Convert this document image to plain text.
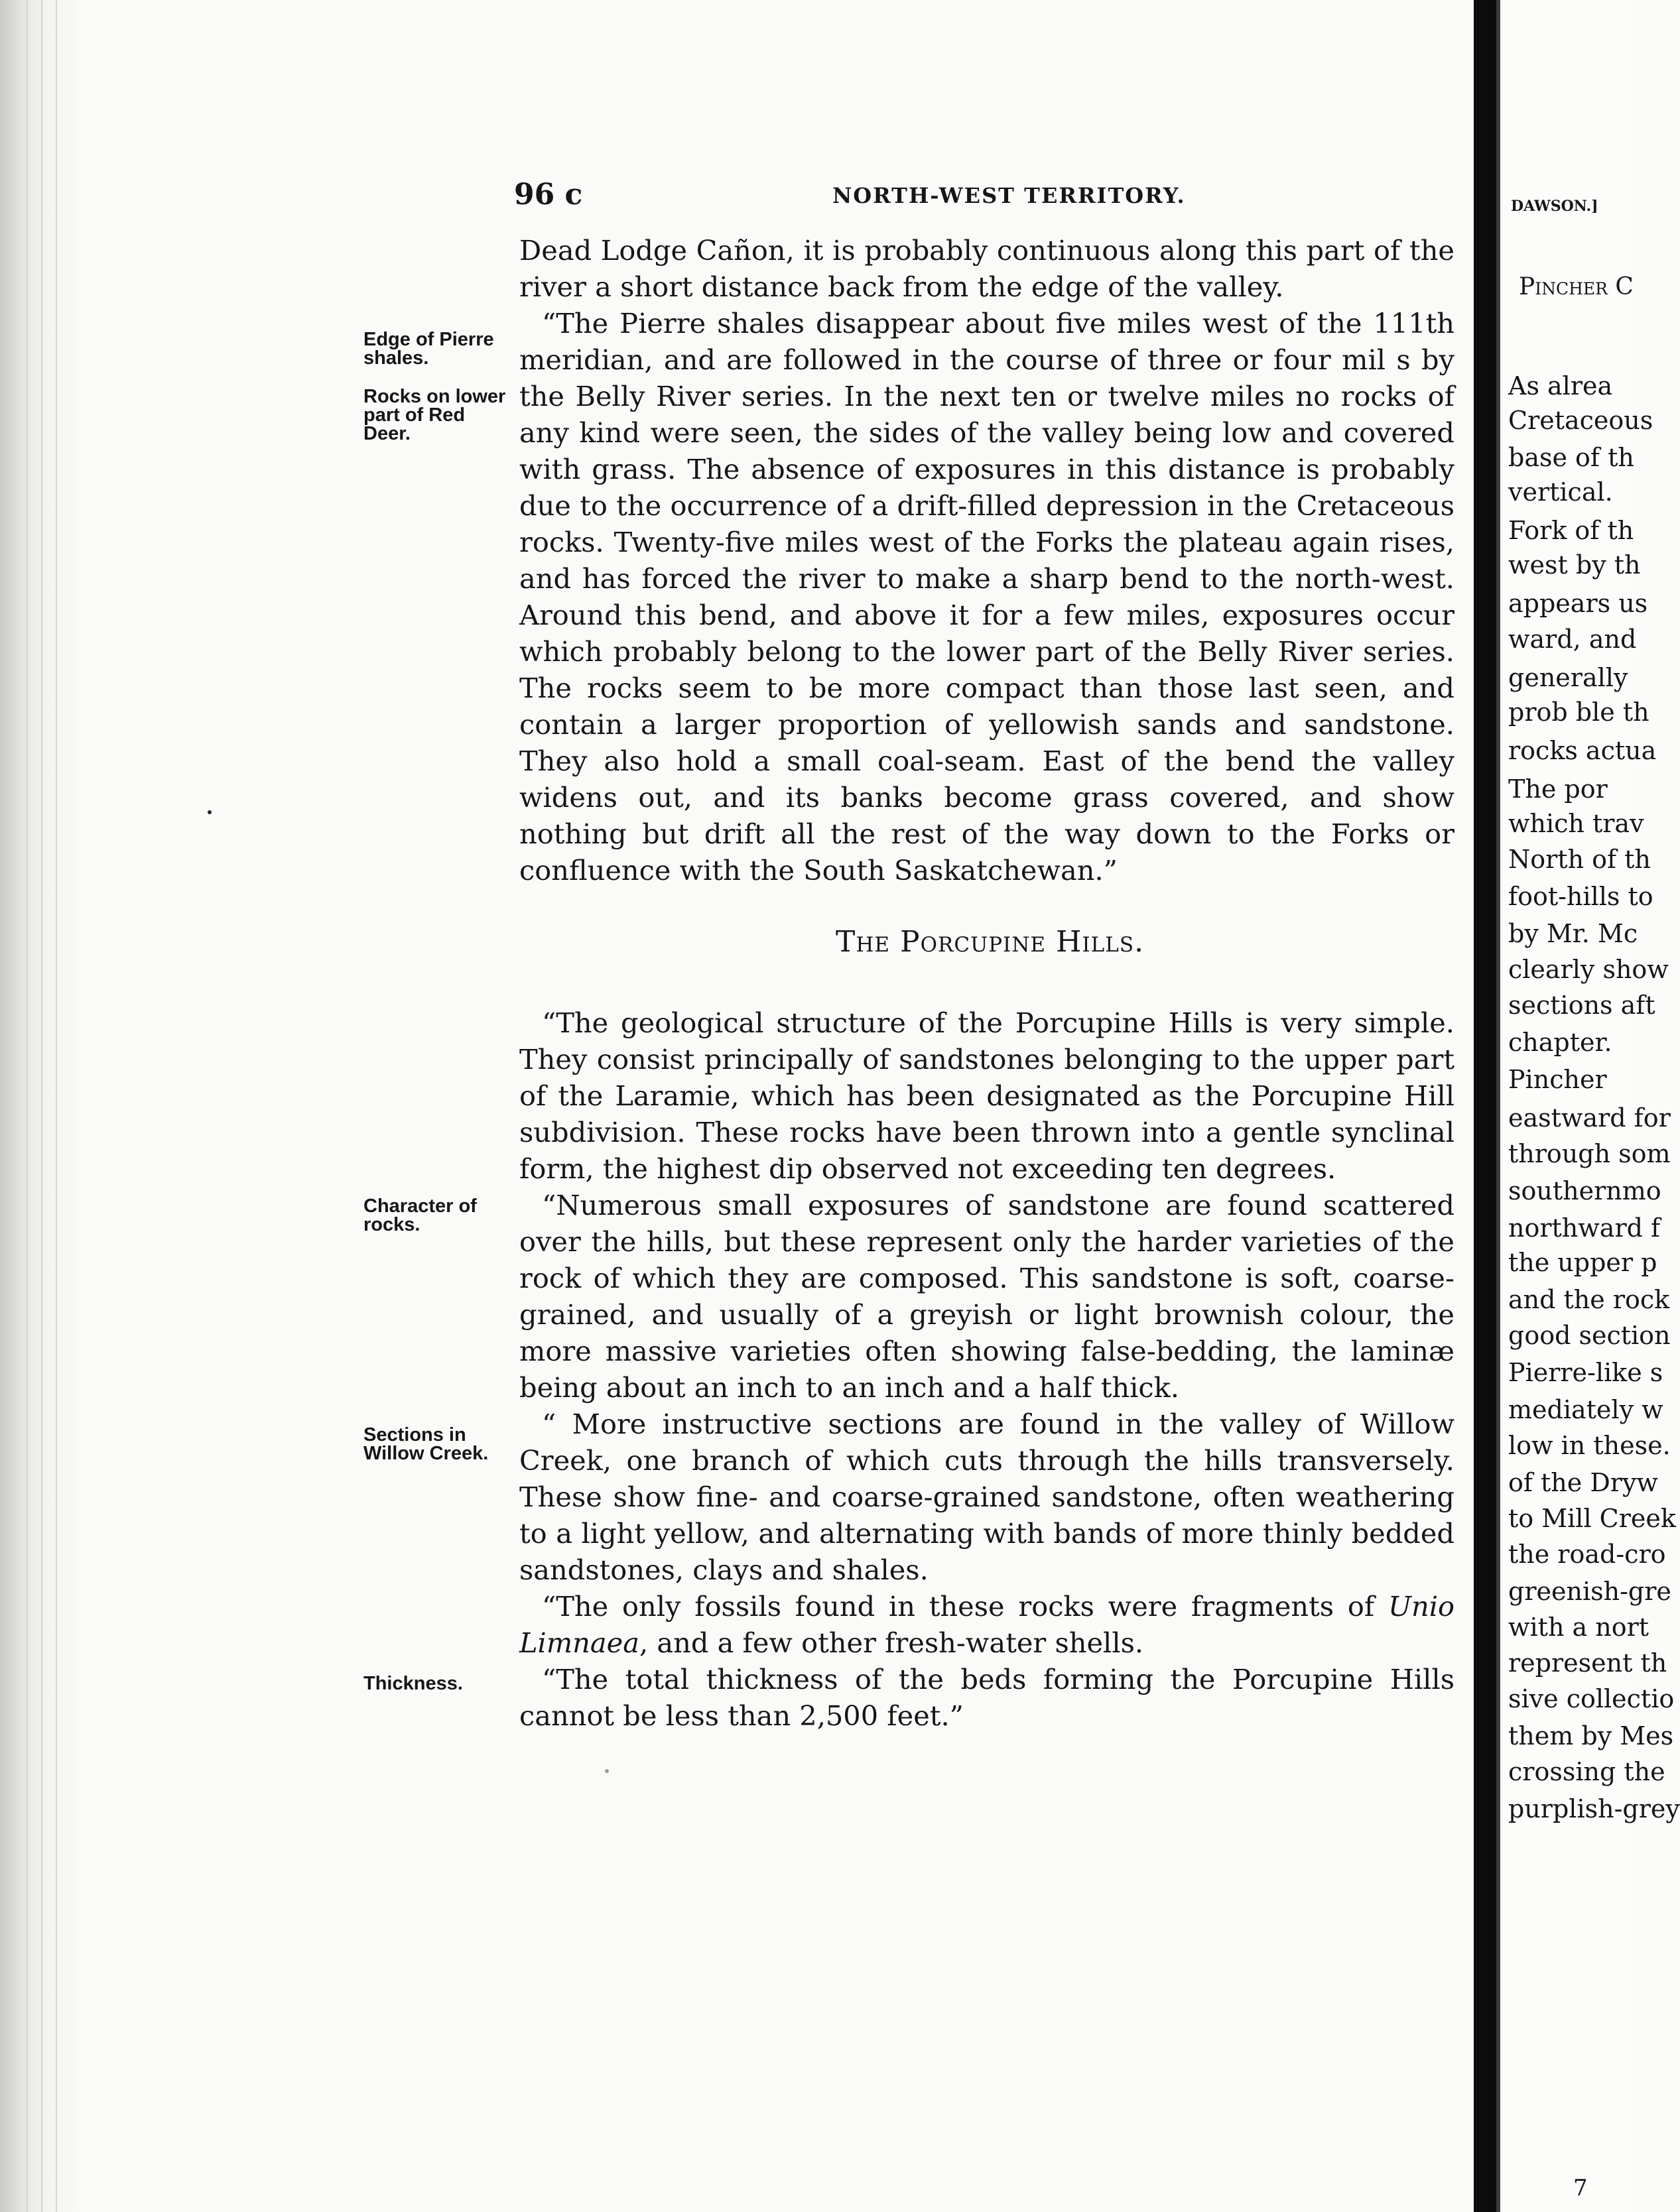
96 c	NORTH-WEST TERRITORY.

Dead Lodge Cañon, it is probably continuous along this part of the river a short distance back from the edge of the valley.

“The Pierre shales disappear about five miles west of the 111th meridian, and are followed in the course of three or four mil s by the Belly River series. In the next ten or twelve miles no rocks of any kind were seen, the sides of the valley being low and covered with grass. The absence of exposures in this distance is probably due to the occurrence of a drift-filled depression in the Cretaceous rocks. Twenty-five miles west of the Forks the plateau again rises, and has forced the river to make a sharp bend to the north-west. Around this bend, and above it for a few miles, exposures occur which probably belong to the lower part of the Belly River series. The rocks seem to be more compact than those last seen, and contain a larger proportion of yellowish sands and sandstone. They also hold a small coal-seam. East of the bend the valley widens out, and its banks become grass covered, and show nothing but drift all the rest of the way down to the Forks or confluence with the South Saskatchewan.”

Edge of Pierre shales.
Rocks on lower part of Red Deer.
The Porcupine Hills.

“The geological structure of the Porcupine Hills is very simple. They consist principally of sandstones belonging to the upper part of the Laramie, which has been designated as the Porcupine Hill subdivision. These rocks have been thrown into a gentle synclinal form, the highest dip observed not exceeding ten degrees.

“Numerous small exposures of sandstone are found scattered over the hills, but these represent only the harder varieties of the rock of which they are composed. This sandstone is soft, coarse-grained, and usually of a greyish or light brownish colour, the more massive varieties often showing false-bedding, the laminæ being about an inch to an inch and a half thick.

“ More instructive sections are found in the valley of Willow Creek, one branch of which cuts through the hills transversely. These show fine- and coarse-grained sandstone, often weathering to a light yellow, and alternating with bands of more thinly bedded sandstones, clays and shales.

“The only fossils found in these rocks were fragments of Unio Limnaea, and a few other fresh-water shells.

“The total thickness of the beds forming the Porcupine Hills cannot be less than 2,500 feet.”

Character of rocks.
Sections in Willow Creek.
Thickness.
DAWSON.]
Pincher C
As alrea
Cretaceous
base of th
vertical.
Fork of th
west by th
appears us
ward, and
generally
prob ble th
rocks actua
The por
which trav
North of th
foot-hills to
by Mr. Mc
clearly show
sections aft
chapter.
Pincher
eastward for
through som
southernmo
northward f
the upper p
and the rock
good section
Pierre-like s
mediately w
low in these.
of the Dryw
to Mill Creek
the road-cro
greenish-gre
with a nort
represent th
sive collectio
them by Mes
crossing the
purplish-grey
7
